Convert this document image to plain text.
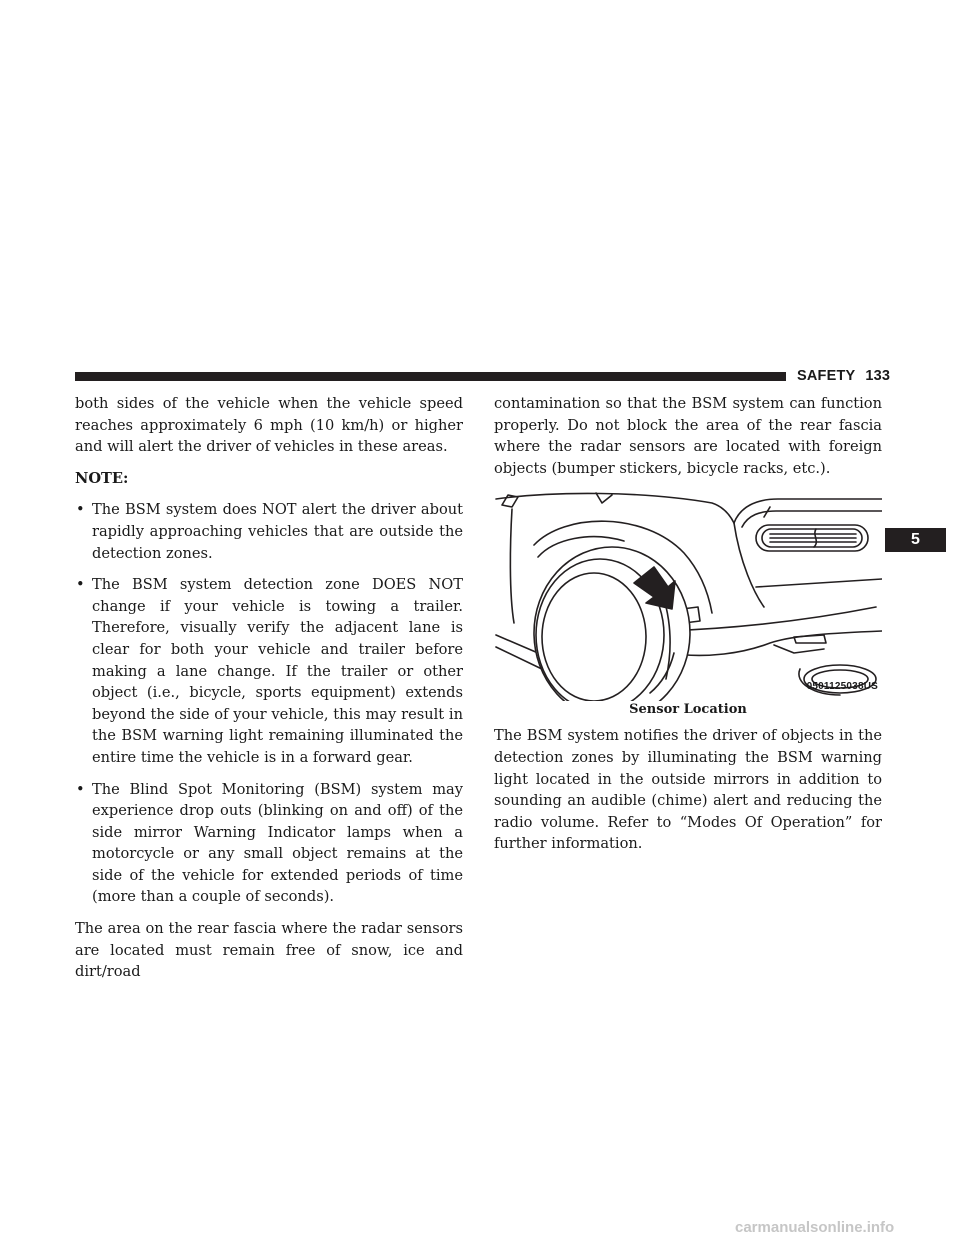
SAFETY 133
5

both sides of the vehicle when the vehicle speed reaches approximately 6 mph (10 km/h) or higher and will alert the driver of vehicles in these areas.

NOTE:
• The BSM system does NOT alert the driver about rapidly approaching vehicles that are outside the detection zones.
• The BSM system detection zone DOES NOT change if your vehicle is towing a trailer. Therefore, visually verify the adjacent lane is clear for both your vehicle and trailer before making a lane change. If the trailer or other object (i.e., bicycle, sports equipment) extends beyond the side of your vehicle, this may result in the BSM warning light remaining illuminated the entire time the vehicle is in a forward gear.
• The Blind Spot Monitoring (BSM) system may experience drop outs (blinking on and off) of the side mirror Warning Indicator lamps when a motorcycle or any small object remains at the side of the vehicle for extended periods of time (more than a couple of seconds).

The area on the rear fascia where the radar sensors are located must remain free of snow, ice and dirt/road

contamination so that the BSM system can function properly. Do not block the area of the rear fascia where the radar sensors are located with foreign objects (bumper stickers, bicycle racks, etc.).

0501125038US
Sensor Location

The BSM system notifies the driver of objects in the detection zones by illuminating the BSM warning light located in the outside mirrors in addition to sounding an audible (chime) alert and reducing the radio volume. Refer to “Modes Of Operation” for further information.

carmanualsonline.info
